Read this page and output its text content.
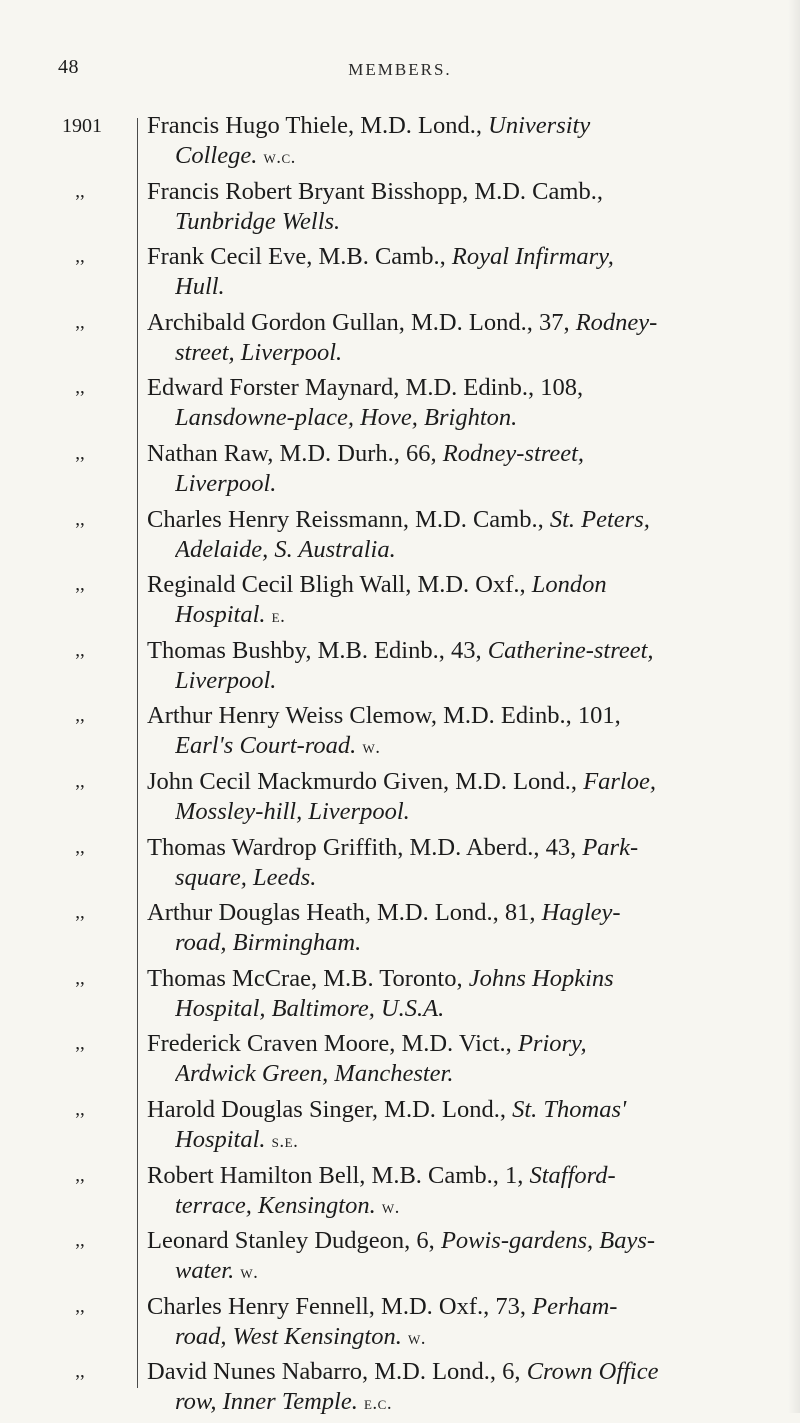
48	MEMBERS.
1901	Francis Hugo Thiele, M.D. Lond., University
College. w.c.
,,	Francis Robert Bryant Bisshopp, M.D. Camb.,
Tunbridge Wells.
,,	Frank Cecil Eve, M.B. Camb., Royal Infirmary,
Hull.
,,	Archibald Gordon Gullan, M.D. Lond., 37, Rodney-
street, Liverpool.
,,	Edward Forster Maynard, M.D. Edinb., 108,
Lansdowne-place, Hove, Brighton.
,,	Nathan Raw, M.D. Durh., 66, Rodney-street,
Liverpool.
,,	Charles Henry Reissmann, M.D. Camb., St. Peters,
Adelaide, S. Australia.
,,	Reginald Cecil Bligh Wall, M.D. Oxf., London
Hospital. e.
,,	Thomas Bushby, M.B. Edinb., 43, Catherine-street,
Liverpool.
,,	Arthur Henry Weiss Clemow, M.D. Edinb., 101,
Earl's Court-road. w.
,,	John Cecil Mackmurdo Given, M.D. Lond., Farloe,
Mossley-hill, Liverpool.
,,	Thomas Wardrop Griffith, M.D. Aberd., 43, Park-
square, Leeds.
,,	Arthur Douglas Heath, M.D. Lond., 81, Hagley-
road, Birmingham.
,,	Thomas McCrae, M.B. Toronto, Johns Hopkins
Hospital, Baltimore, U.S.A.
,,	Frederick Craven Moore, M.D. Vict., Priory,
Ardwick Green, Manchester.
,,	Harold Douglas Singer, M.D. Lond., St. Thomas'
Hospital. s.e.
,,	Robert Hamilton Bell, M.B. Camb., 1, Stafford-
terrace, Kensington. w.
,,	Leonard Stanley Dudgeon, 6, Powis-gardens, Bays-
water. w.
,,	Charles Henry Fennell, M.D. Oxf., 73, Perham-
road, West Kensington. w.
,,	David Nunes Nabarro, M.D. Lond., 6, Crown Office
row, Inner Temple. e.c.
